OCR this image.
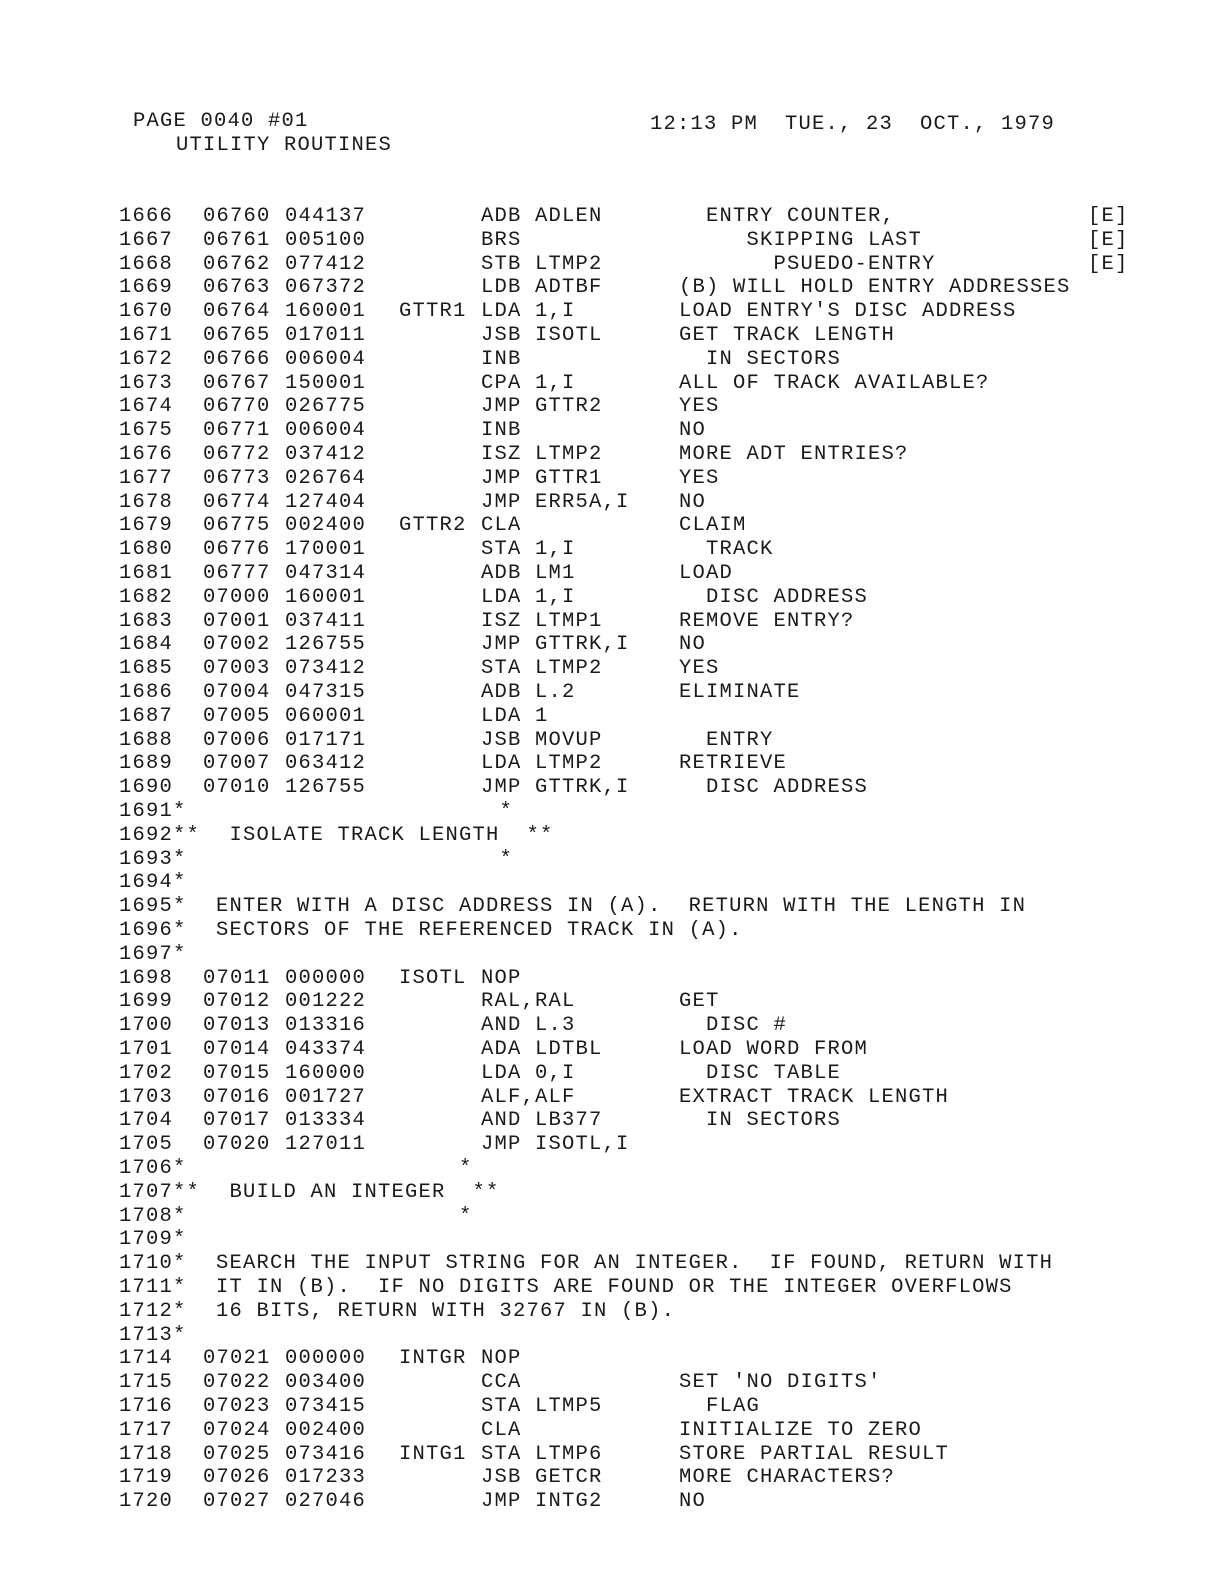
PAGE 0040 #01	12:13 PM  TUE., 23  OCT., 1979
UTILITY ROUTINES
1666 06760 044137	ADB ADLEN	ENTRY COUNTER,	[E]
1667 06761 005100	BRS	SKIPPING LAST	[E]
1668 06762 077412	STB LTMP2	PSUEDO-ENTRY	[E]
1669 06763 067372	LDB ADTBF	(B) WILL HOLD ENTRY ADDRESSES
1670 06764 160001 GTTR1 LDA 1,I	LOAD ENTRY'S DISC ADDRESS
1671 06765 017011	JSB ISOTL	GET TRACK LENGTH
1672 06766 006004	INB	IN SECTORS
1673 06767 150001	CPA 1,I	ALL OF TRACK AVAILABLE?
1674 06770 026775	JMP GTTR2	YES
1675 06771 006004	INB	NO
1676 06772 037412	ISZ LTMP2	MORE ADT ENTRIES?
1677 06773 026764	JMP GTTR1	YES
1678 06774 127404	JMP ERR5A,I NO
1679 06775 002400 GTTR2 CLA	CLAIM
1680 06776 170001	STA 1,I	TRACK
1681 06777 047314	ADB LM1	LOAD
1682 07000 160001	LDA 1,I	DISC ADDRESS
1683 07001 037411	ISZ LTMP1	REMOVE ENTRY?
1684 07002 126755	JMP GTTRK,I NO
1685 07003 073412	STA LTMP2	YES
1686 07004 047315	ADB L.2	ELIMINATE
1687 07005 060001	LDA 1
1688 07006 017171	JSB MOVUP	ENTRY
1689 07007 063412	LDA LTMP2	RETRIEVE
1690 07010 126755	JMP GTTRK,I DISC ADDRESS
1691* *
1692** ISOLATE TRACK LENGTH  **
1693* *
1694*
1695* ENTER WITH A DISC ADDRESS IN (A).  RETURN WITH THE LENGTH IN
1696* SECTORS OF THE REFERENCED TRACK IN (A).
1697*
1698 07011 000000 ISOTL NOP
1699 07012 001222	RAL,RAL	GET
1700 07013 013316	AND L.3	DISC #
1701 07014 043374	ADA LDTBL	LOAD WORD FROM
1702 07015 160000	LDA 0,I	DISC TABLE
1703 07016 001727	ALF,ALF	EXTRACT TRACK LENGTH
1704 07017 013334	AND LB377	IN SECTORS
1705 07020 127011	JMP ISOTL,I
1706* *
1707** BUILD AN INTEGER  **
1708* *
1709*
1710* SEARCH THE INPUT STRING FOR AN INTEGER.  IF FOUND, RETURN WITH
1711* IT IN (B).  IF NO DIGITS ARE FOUND OR THE INTEGER OVERFLOWS
1712* 16 BITS, RETURN WITH 32767 IN (B).
1713*
1714 07021 000000 INTGR NOP
1715 07022 003400	CCA	SET 'NO DIGITS'
1716 07023 073415	STA LTMP5	FLAG
1717 07024 002400	CLA	INITIALIZE TO ZERO
1718 07025 073416 INTG1 STA LTMP6	STORE PARTIAL RESULT
1719 07026 017233	JSB GETCR	MORE CHARACTERS?
1720 07027 027046	JMP INTG2	NO
